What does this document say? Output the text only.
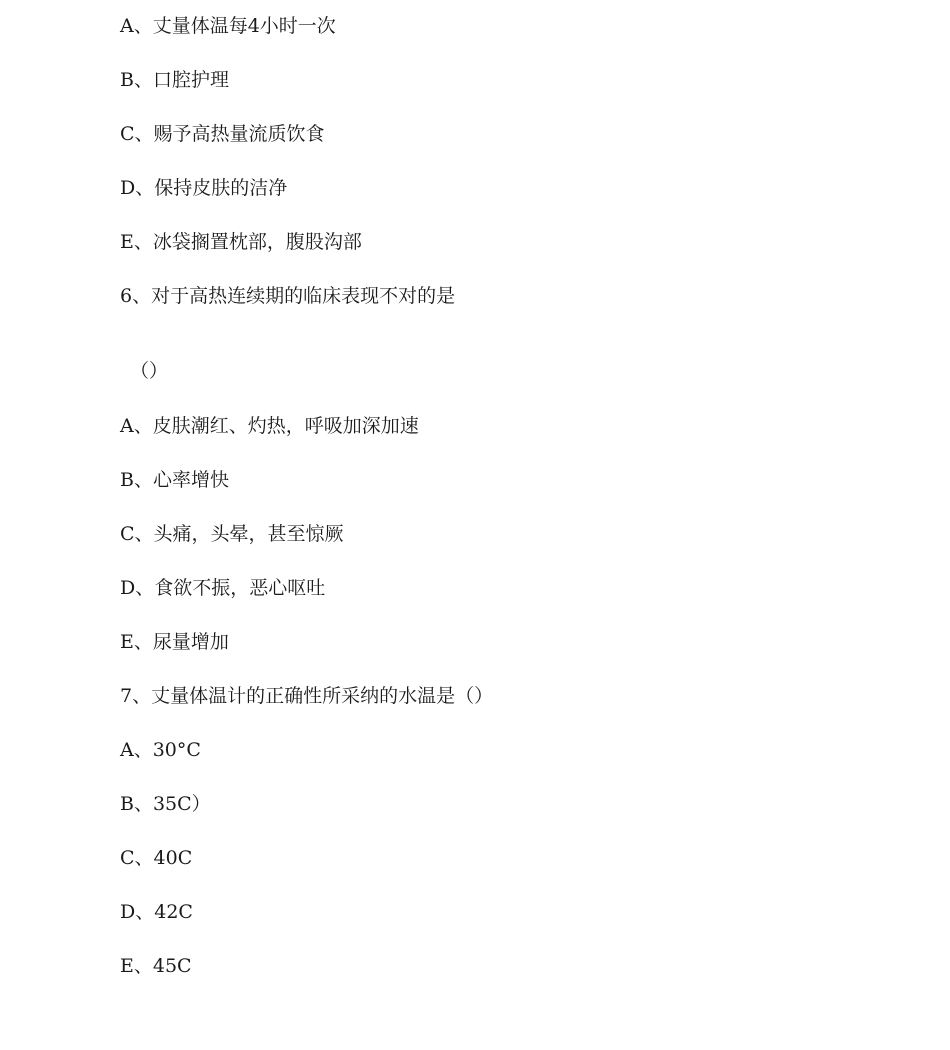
A、丈量体温每4小时一次
B、口腔护理
C、赐予高热量流质饮食
D、保持皮肤的洁净
E、冰袋搁置枕部，腹股沟部
6、对于高热连续期的临床表现不对的是
（）
A、皮肤潮红、灼热，呼吸加深加速
B、心率增快
C、头痛，头晕，甚至惊厥
D、食欲不振，恶心呕吐
E、尿量增加
7、丈量体温计的正确性所采纳的水温是（）
A、30°C
B、35C）
C、40C
D、42C
E、45C
